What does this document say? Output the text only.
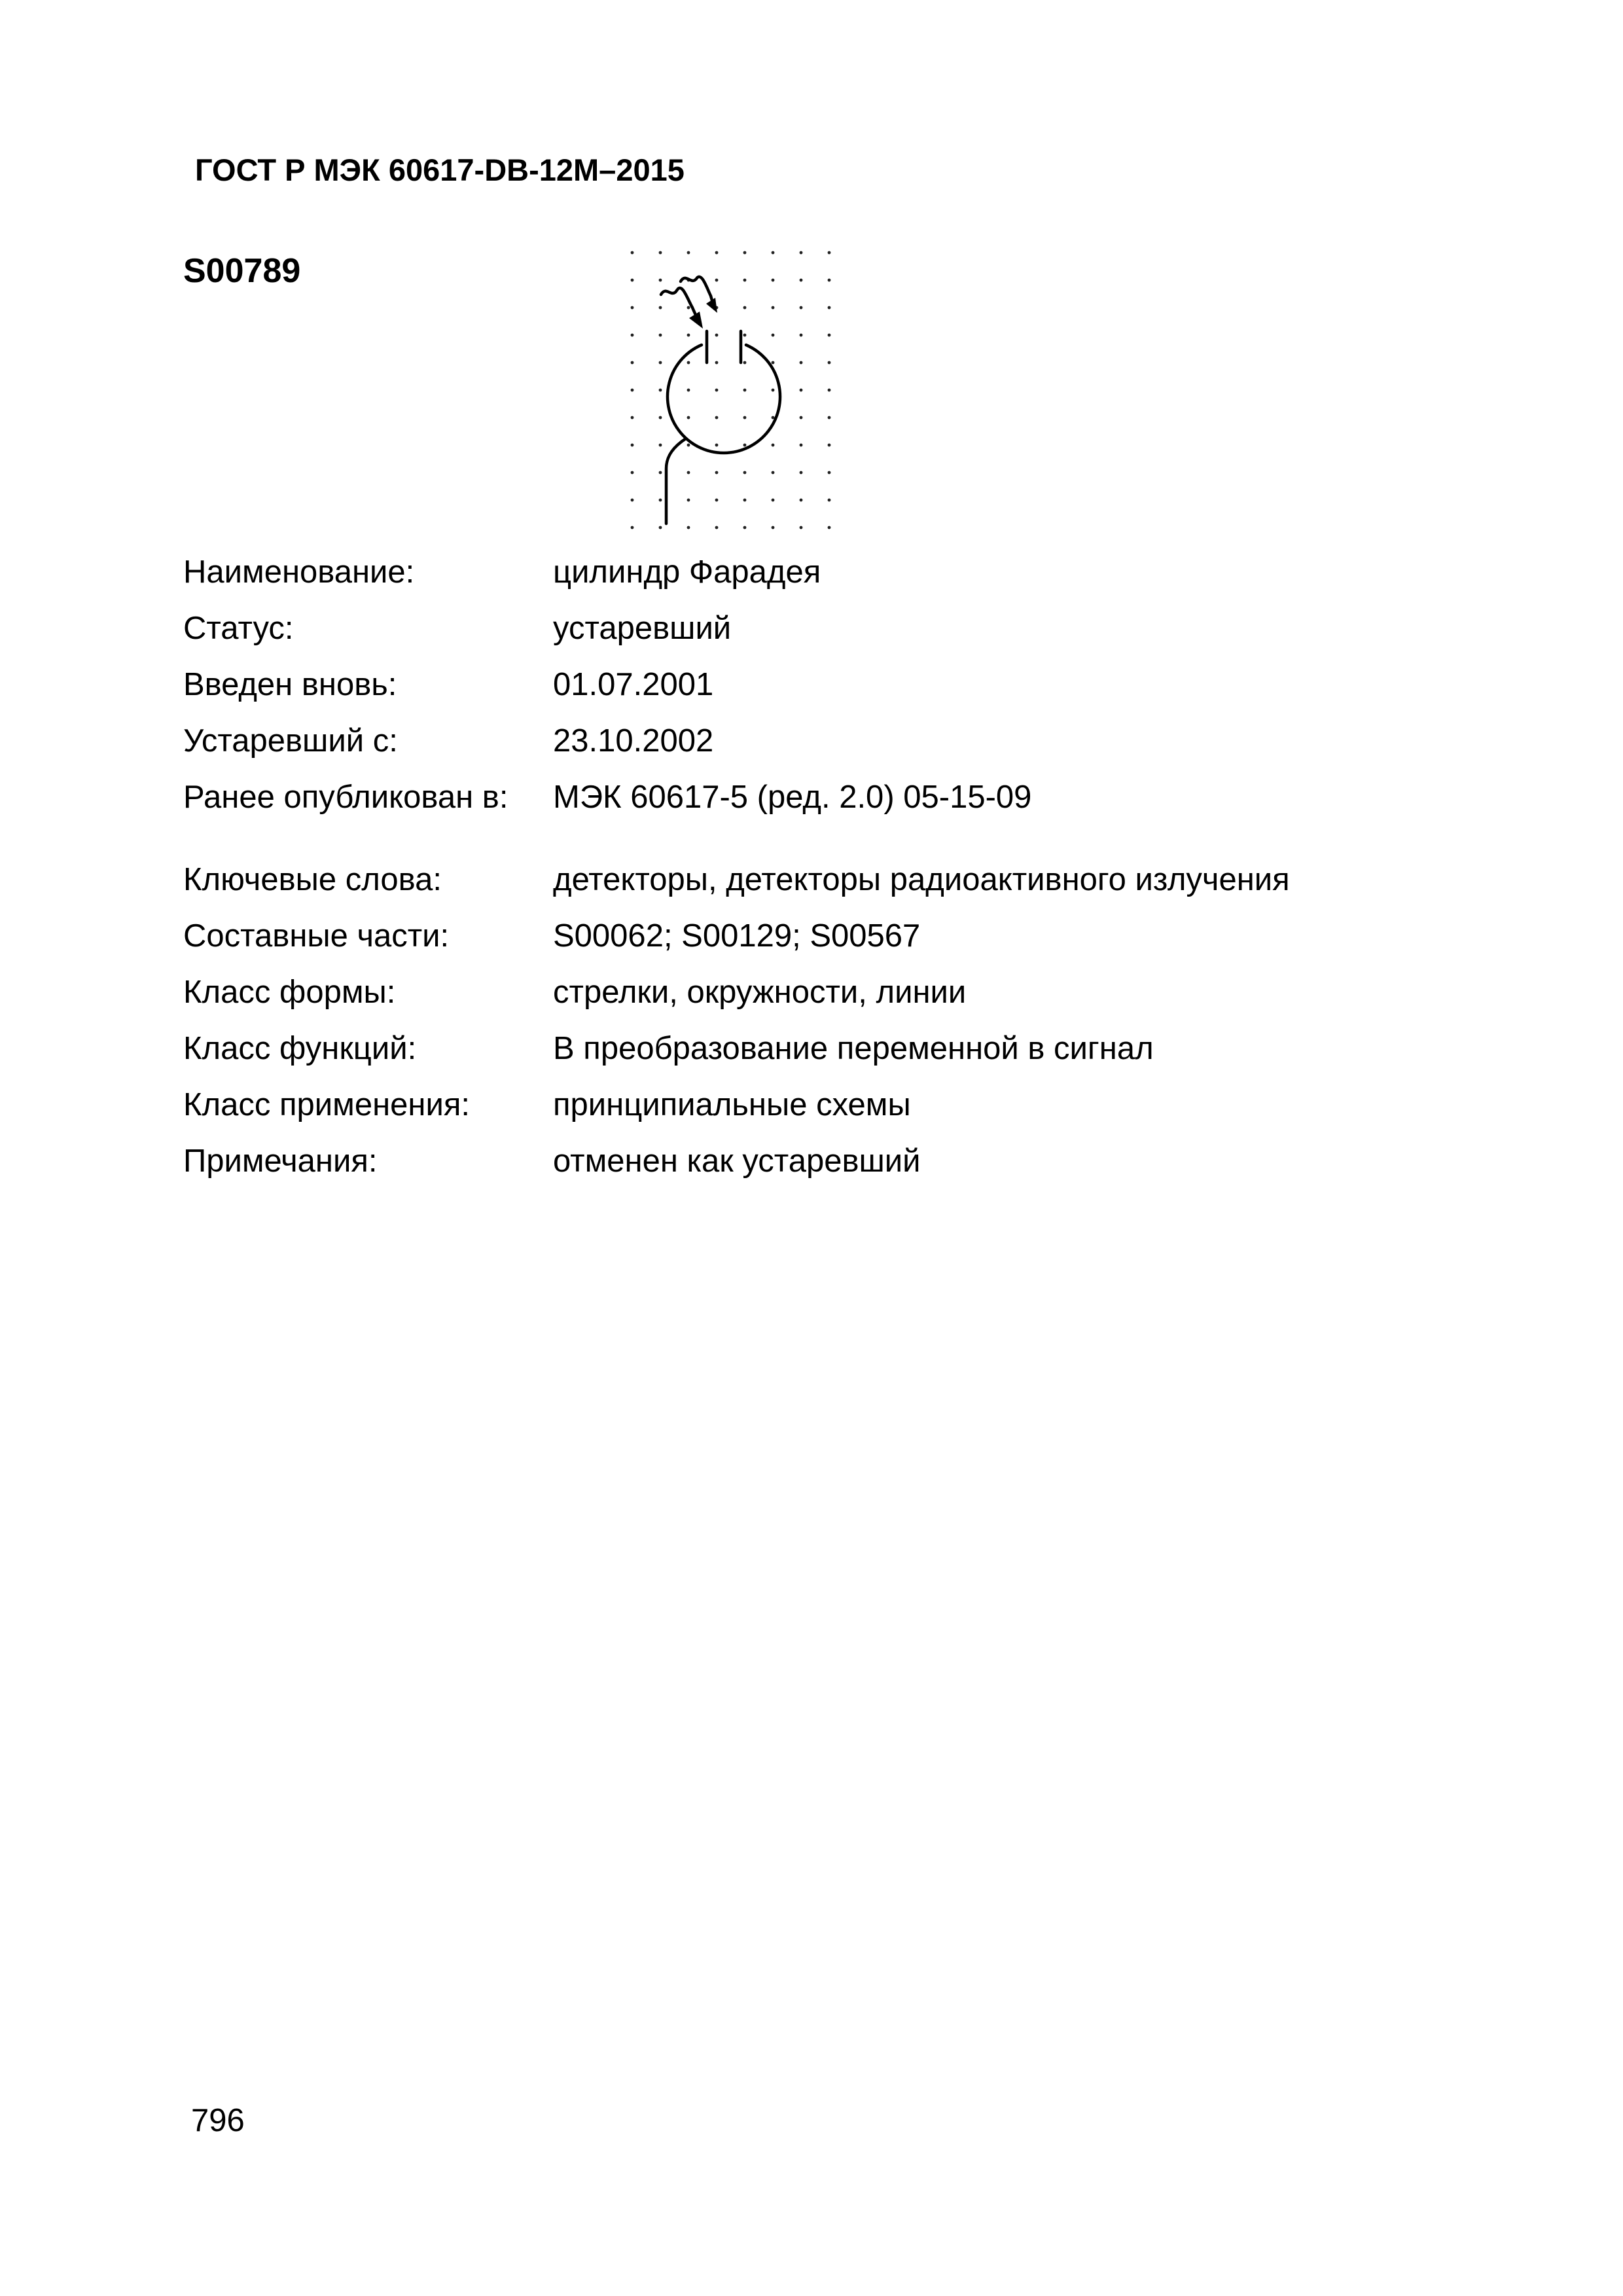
ГОСТ Р МЭК 60617-DB-12M–2015
S00789
Наименование:	цилиндр Фарадея
Статус:	устаревший
Введен вновь:	01.07.2001
Устаревший с:	23.10.2002
Ранее опубликован в: МЭК 60617-5 (ред. 2.0) 05-15-09
Ключевые слова:	детекторы, детекторы радиоактивного излучения
Составные части:	S00062; S00129; S00567
Класс формы:	стрелки, окружности, линии
Класс функций:	В преобразование переменной в сигнал
Класс применения:	принципиальные схемы
Примечания:	отменен как устаревший
796
